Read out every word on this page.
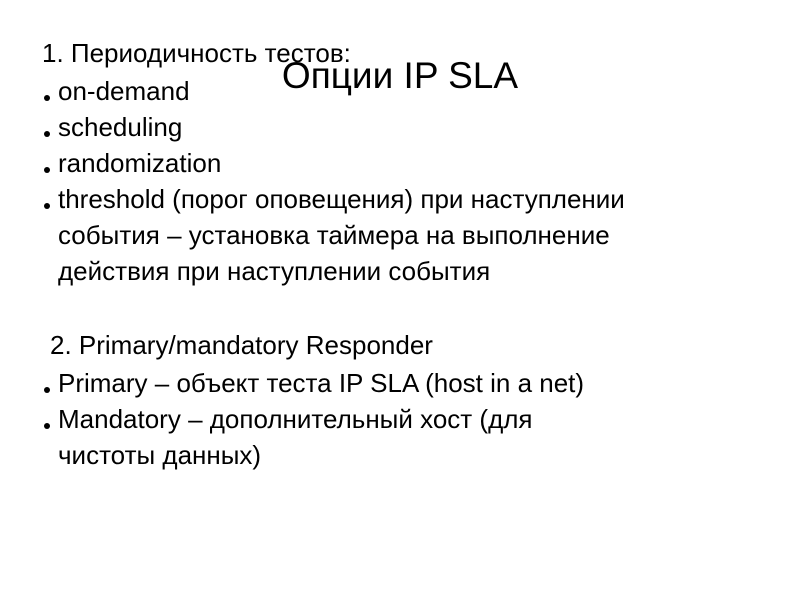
Опции IP SLA
1. Периодичность тестов:
on-demand
scheduling
randomization
threshold (порог оповещения) при наступлении
события – установка таймера на выполнение
действия при наступлении события
2. Primary/mandatory Responder
Primary – объект теста IP SLA (host in a net)
Mandatory – дополнительный хост (для
чистоты данных)
